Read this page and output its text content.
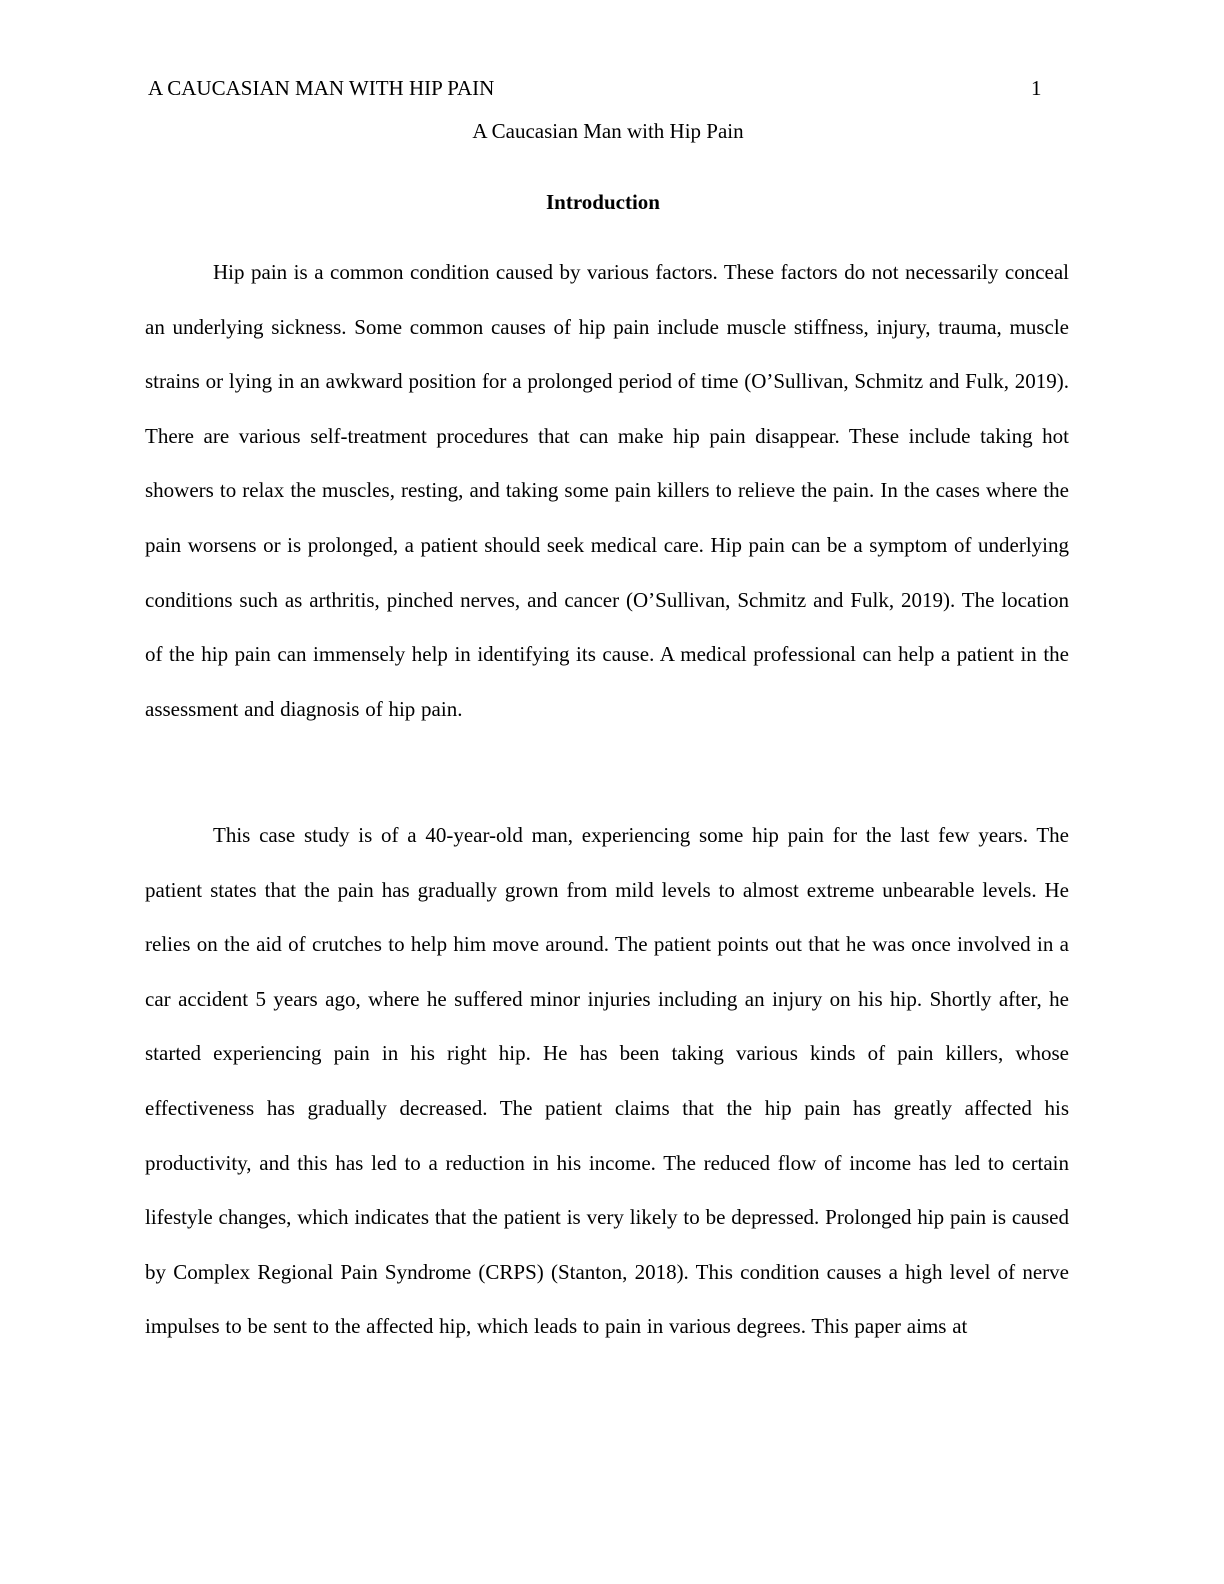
A CAUCASIAN MAN WITH HIP PAIN	1
A Caucasian Man with Hip Pain
Introduction

Hip pain is a common condition caused by various factors. These factors do not necessarily conceal an underlying sickness. Some common causes of hip pain include muscle stiffness, injury, trauma, muscle strains or lying in an awkward position for a prolonged period of time (O’Sullivan, Schmitz and Fulk, 2019). There are various self-treatment procedures that can make hip pain disappear. These include taking hot showers to relax the muscles, resting, and taking some pain killers to relieve the pain. In the cases where the pain worsens or is prolonged, a patient should seek medical care. Hip pain can be a symptom of underlying conditions such as arthritis, pinched nerves, and cancer (O’Sullivan, Schmitz and Fulk, 2019). The location of the hip pain can immensely help in identifying its cause. A medical professional can help a patient in the assessment and diagnosis of hip pain.

This case study is of a 40-year-old man, experiencing some hip pain for the last few years. The patient states that the pain has gradually grown from mild levels to almost extreme unbearable levels. He relies on the aid of crutches to help him move around. The patient points out that he was once involved in a car accident 5 years ago, where he suffered minor injuries including an injury on his hip. Shortly after, he started experiencing pain in his right hip. He has been taking various kinds of pain killers, whose effectiveness has gradually decreased. The patient claims that the hip pain has greatly affected his productivity, and this has led to a reduction in his income. The reduced flow of income has led to certain lifestyle changes, which indicates that the patient is very likely to be depressed. Prolonged hip pain is caused by Complex Regional Pain Syndrome (CRPS) (Stanton, 2018). This condition causes a high level of nerve impulses to be sent to the affected hip, which leads to pain in various degrees. This paper aims at
